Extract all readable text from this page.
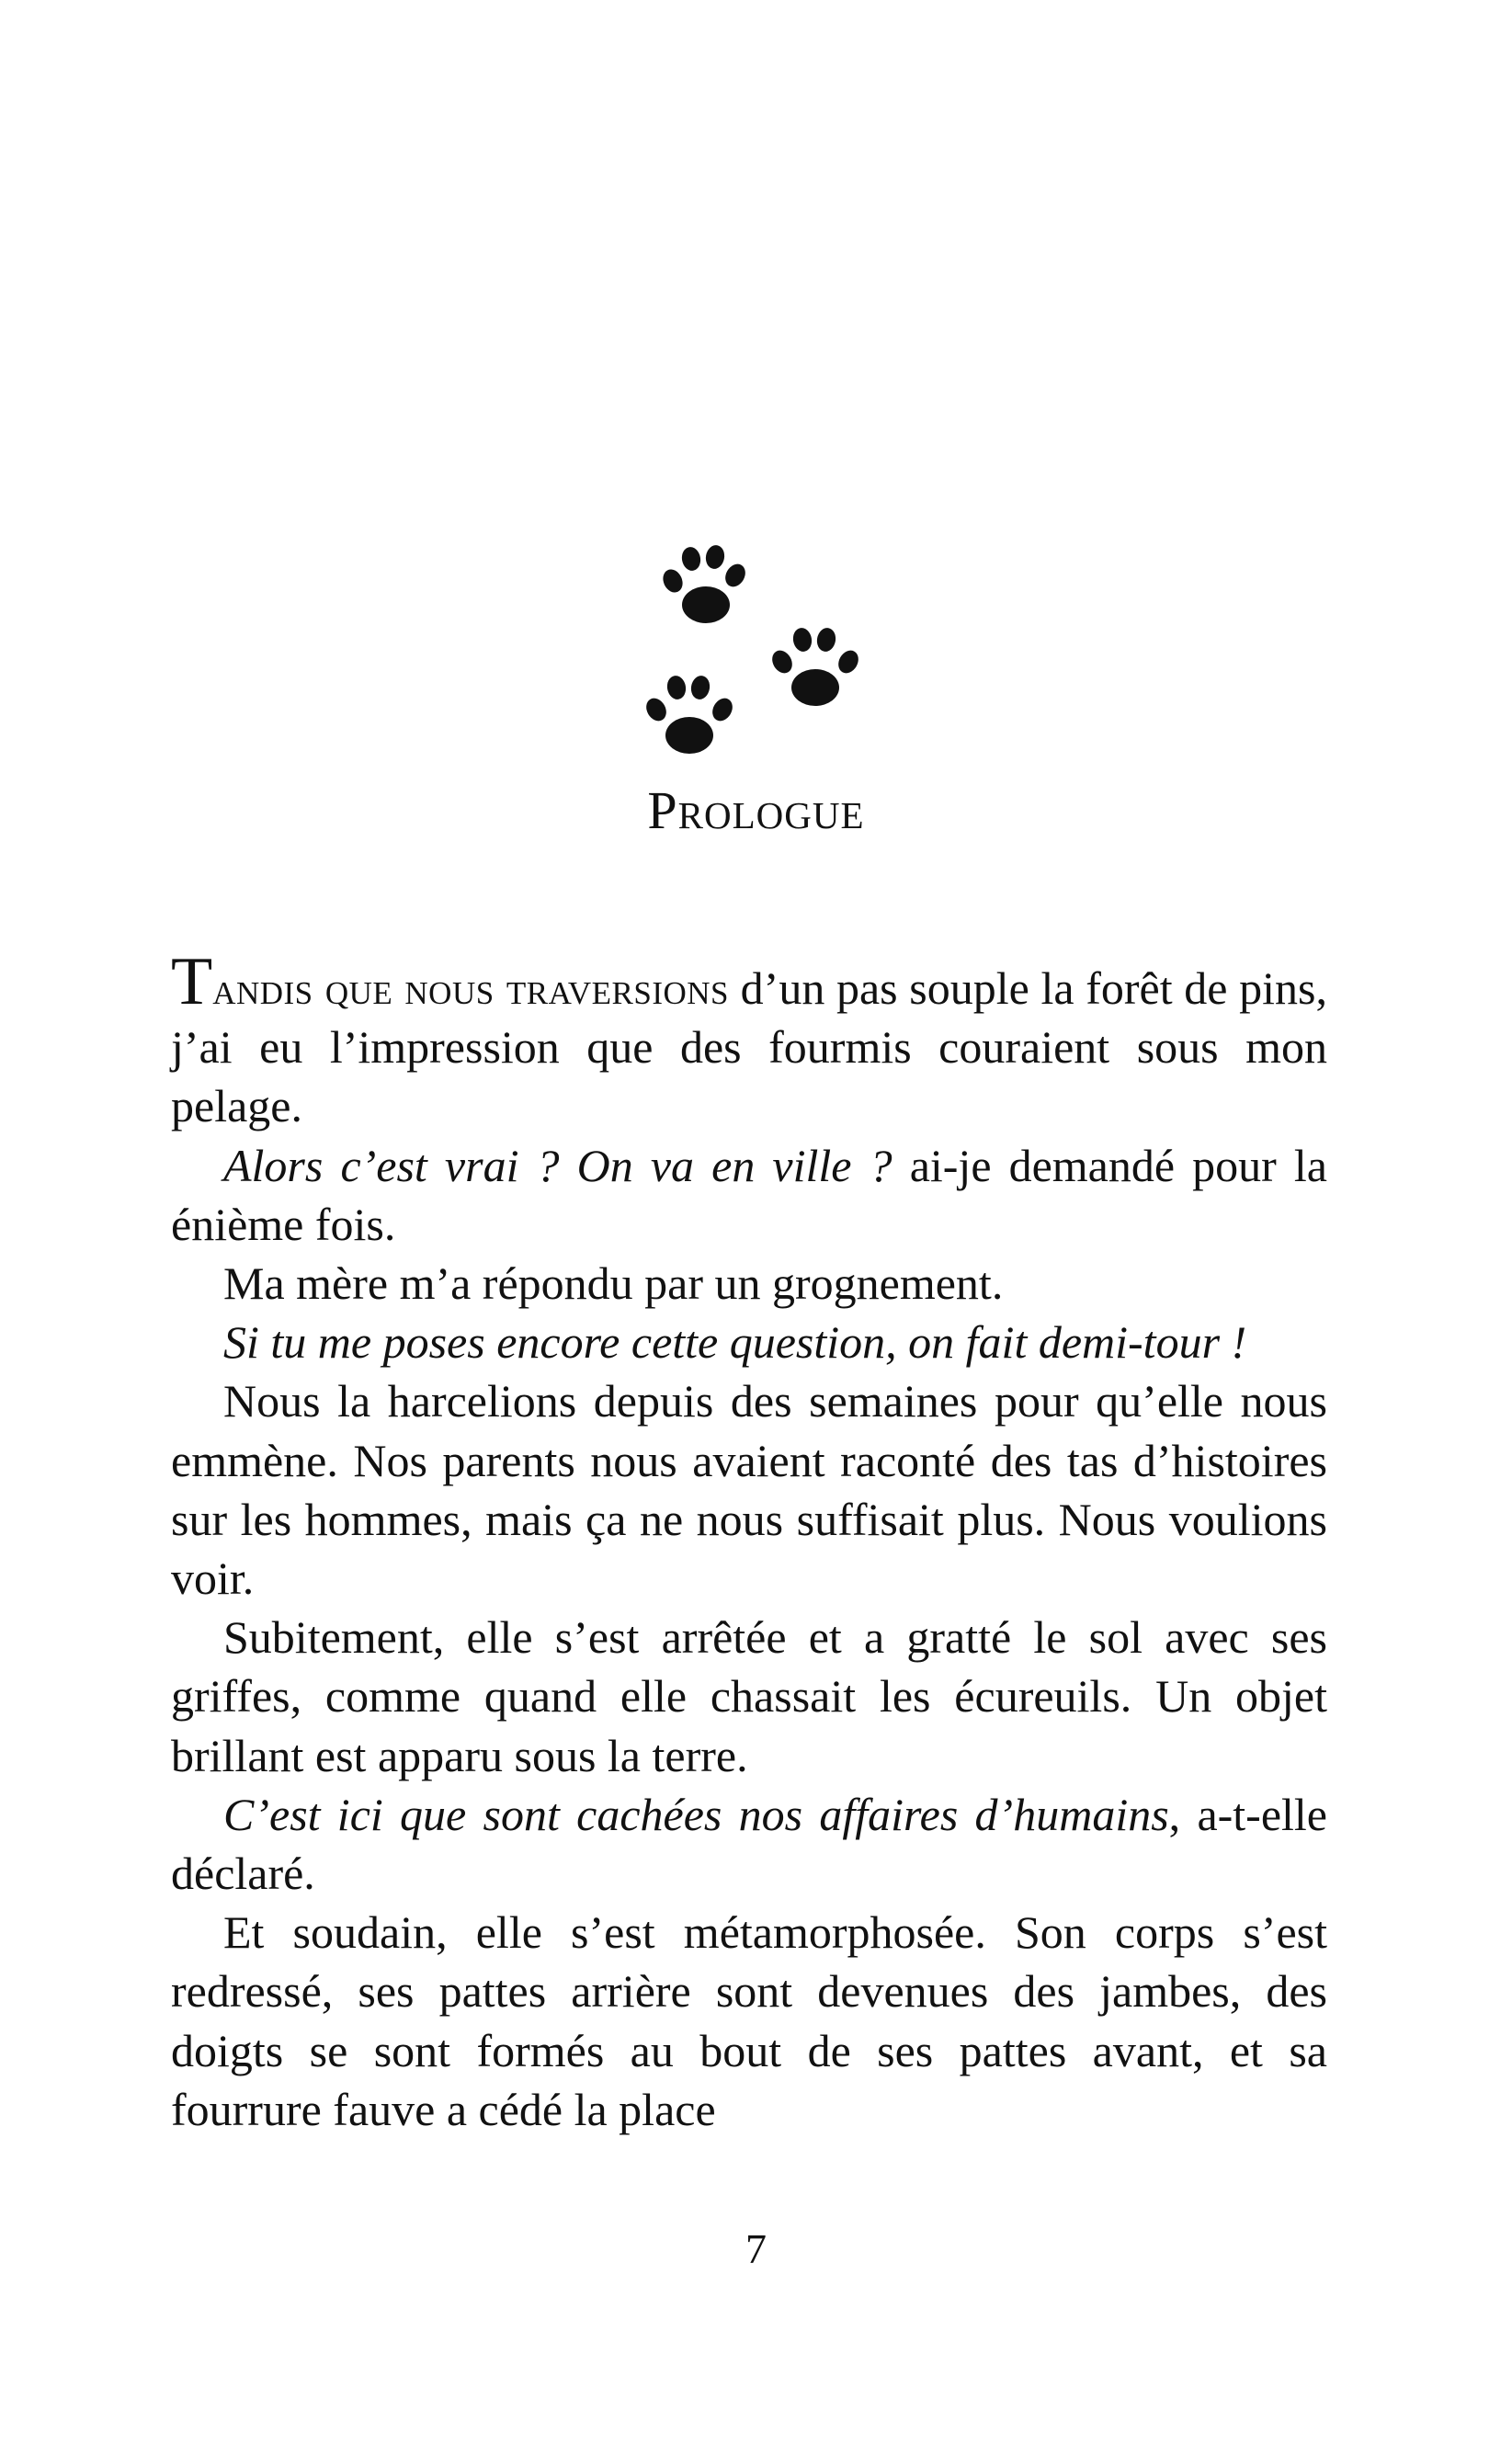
Prologue

Tandis que nous traversions d’un pas souple la forêt de pins, j’ai eu l’impression que des fourmis couraient sous mon pelage.

Alors c’est vrai ? On va en ville ? ai-je demandé pour la énième fois.

Ma mère m’a répondu par un grognement.

Si tu me poses encore cette question, on fait demi-tour !

Nous la harcelions depuis des semaines pour qu’elle nous emmène. Nos parents nous avaient raconté des tas d’histoires sur les hommes, mais ça ne nous suffisait plus. Nous voulions voir.

Subitement, elle s’est arrêtée et a gratté le sol avec ses griffes, comme quand elle chassait les écureuils. Un objet brillant est apparu sous la terre.

C’est ici que sont cachées nos affaires d’humains, a-t-elle déclaré.

Et soudain, elle s’est métamorphosée. Son corps s’est redressé, ses pattes arrière sont devenues des jambes, des doigts se sont formés au bout de ses pattes avant, et sa fourrure fauve a cédé la place

7
